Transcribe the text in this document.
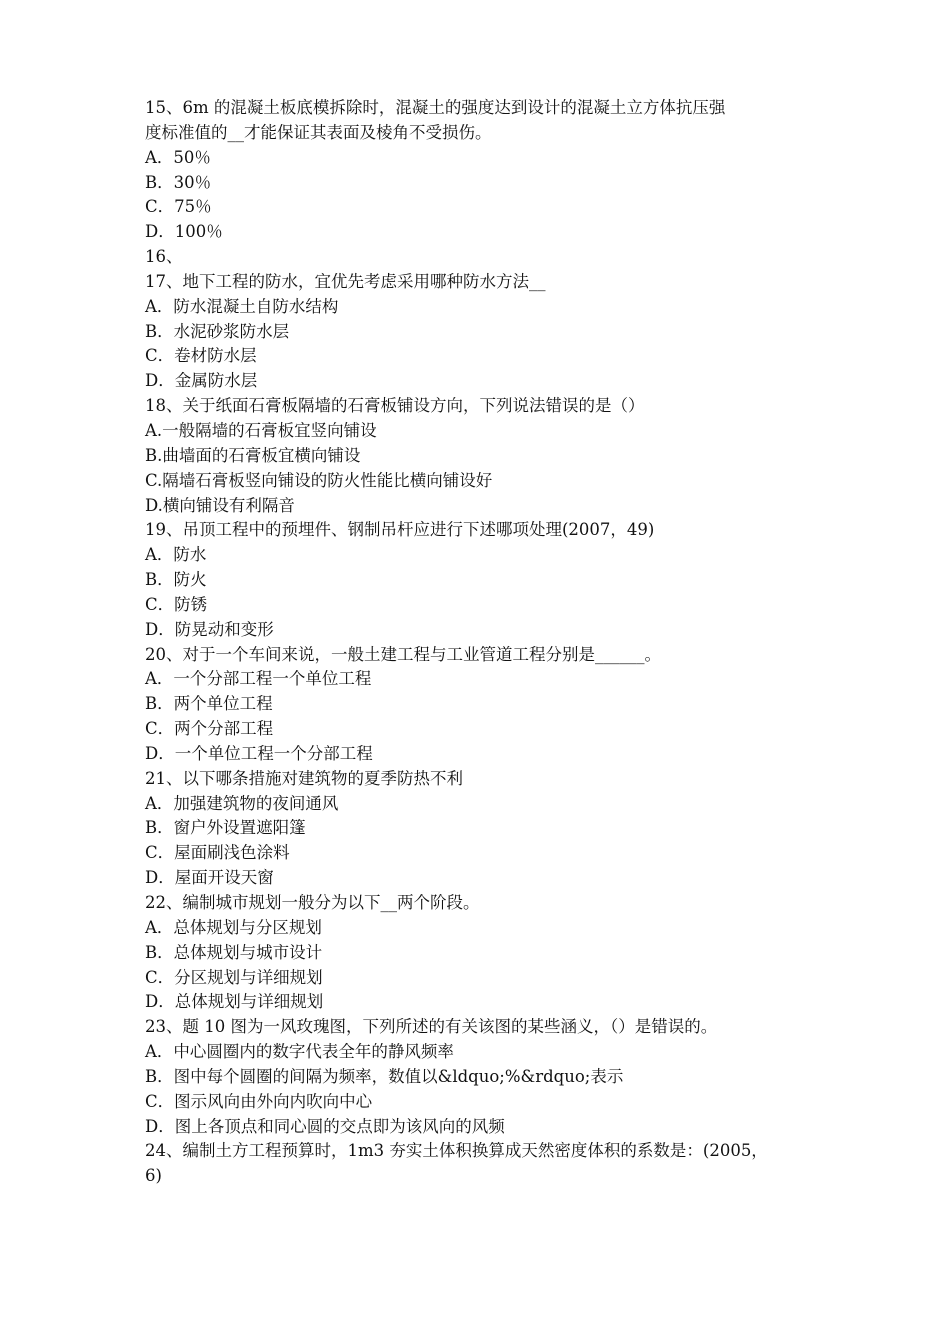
15、6m 的混凝土板底模拆除时，混凝土的强度达到设计的混凝土立方体抗压强

度标准值的__才能保证其表面及棱角不受损伤。

A．50％

B．30％

C．75％

D．100％

16、

17、地下工程的防水，宜优先考虑采用哪种防水方法__

A．防水混凝土自防水结构

B．水泥砂浆防水层

C．卷材防水层

D．金属防水层

18、关于纸面石膏板隔墙的石膏板铺设方向，下列说法错误的是（）

A.一般隔墙的石膏板宜竖向铺设

B.曲墙面的石膏板宜横向铺设

C.隔墙石膏板竖向铺设的防火性能比横向铺设好

D.横向铺设有利隔音

19、吊顶工程中的预埋件、钢制吊杆应进行下述哪项处理(2007，49)

A．防水

B．防火

C．防锈

D．防晃动和变形

20、对于一个车间来说，一般土建工程与工业管道工程分别是______。

A．一个分部工程一个单位工程

B．两个单位工程

C．两个分部工程

D．一个单位工程一个分部工程

21、以下哪条措施对建筑物的夏季防热不利

A．加强建筑物的夜间通风

B．窗户外设置遮阳篷

C．屋面刷浅色涂料

D．屋面开设天窗

22、编制城市规划一般分为以下__两个阶段。

A．总体规划与分区规划

B．总体规划与城市设计

C．分区规划与详细规划

D．总体规划与详细规划

23、题 10 图为一风玫瑰图，下列所述的有关该图的某些涵义，（）是错误的。

A．中心圆圈内的数字代表全年的静风频率

B．图中每个圆圈的间隔为频率，数值以&ldquo;%&rdquo;表示

C．图示风向由外向内吹向中心

D．图上各顶点和同心圆的交点即为该风向的风频

24、编制土方工程预算时，1m3 夯实土体积换算成天然密度体积的系数是：(2005，

6)
